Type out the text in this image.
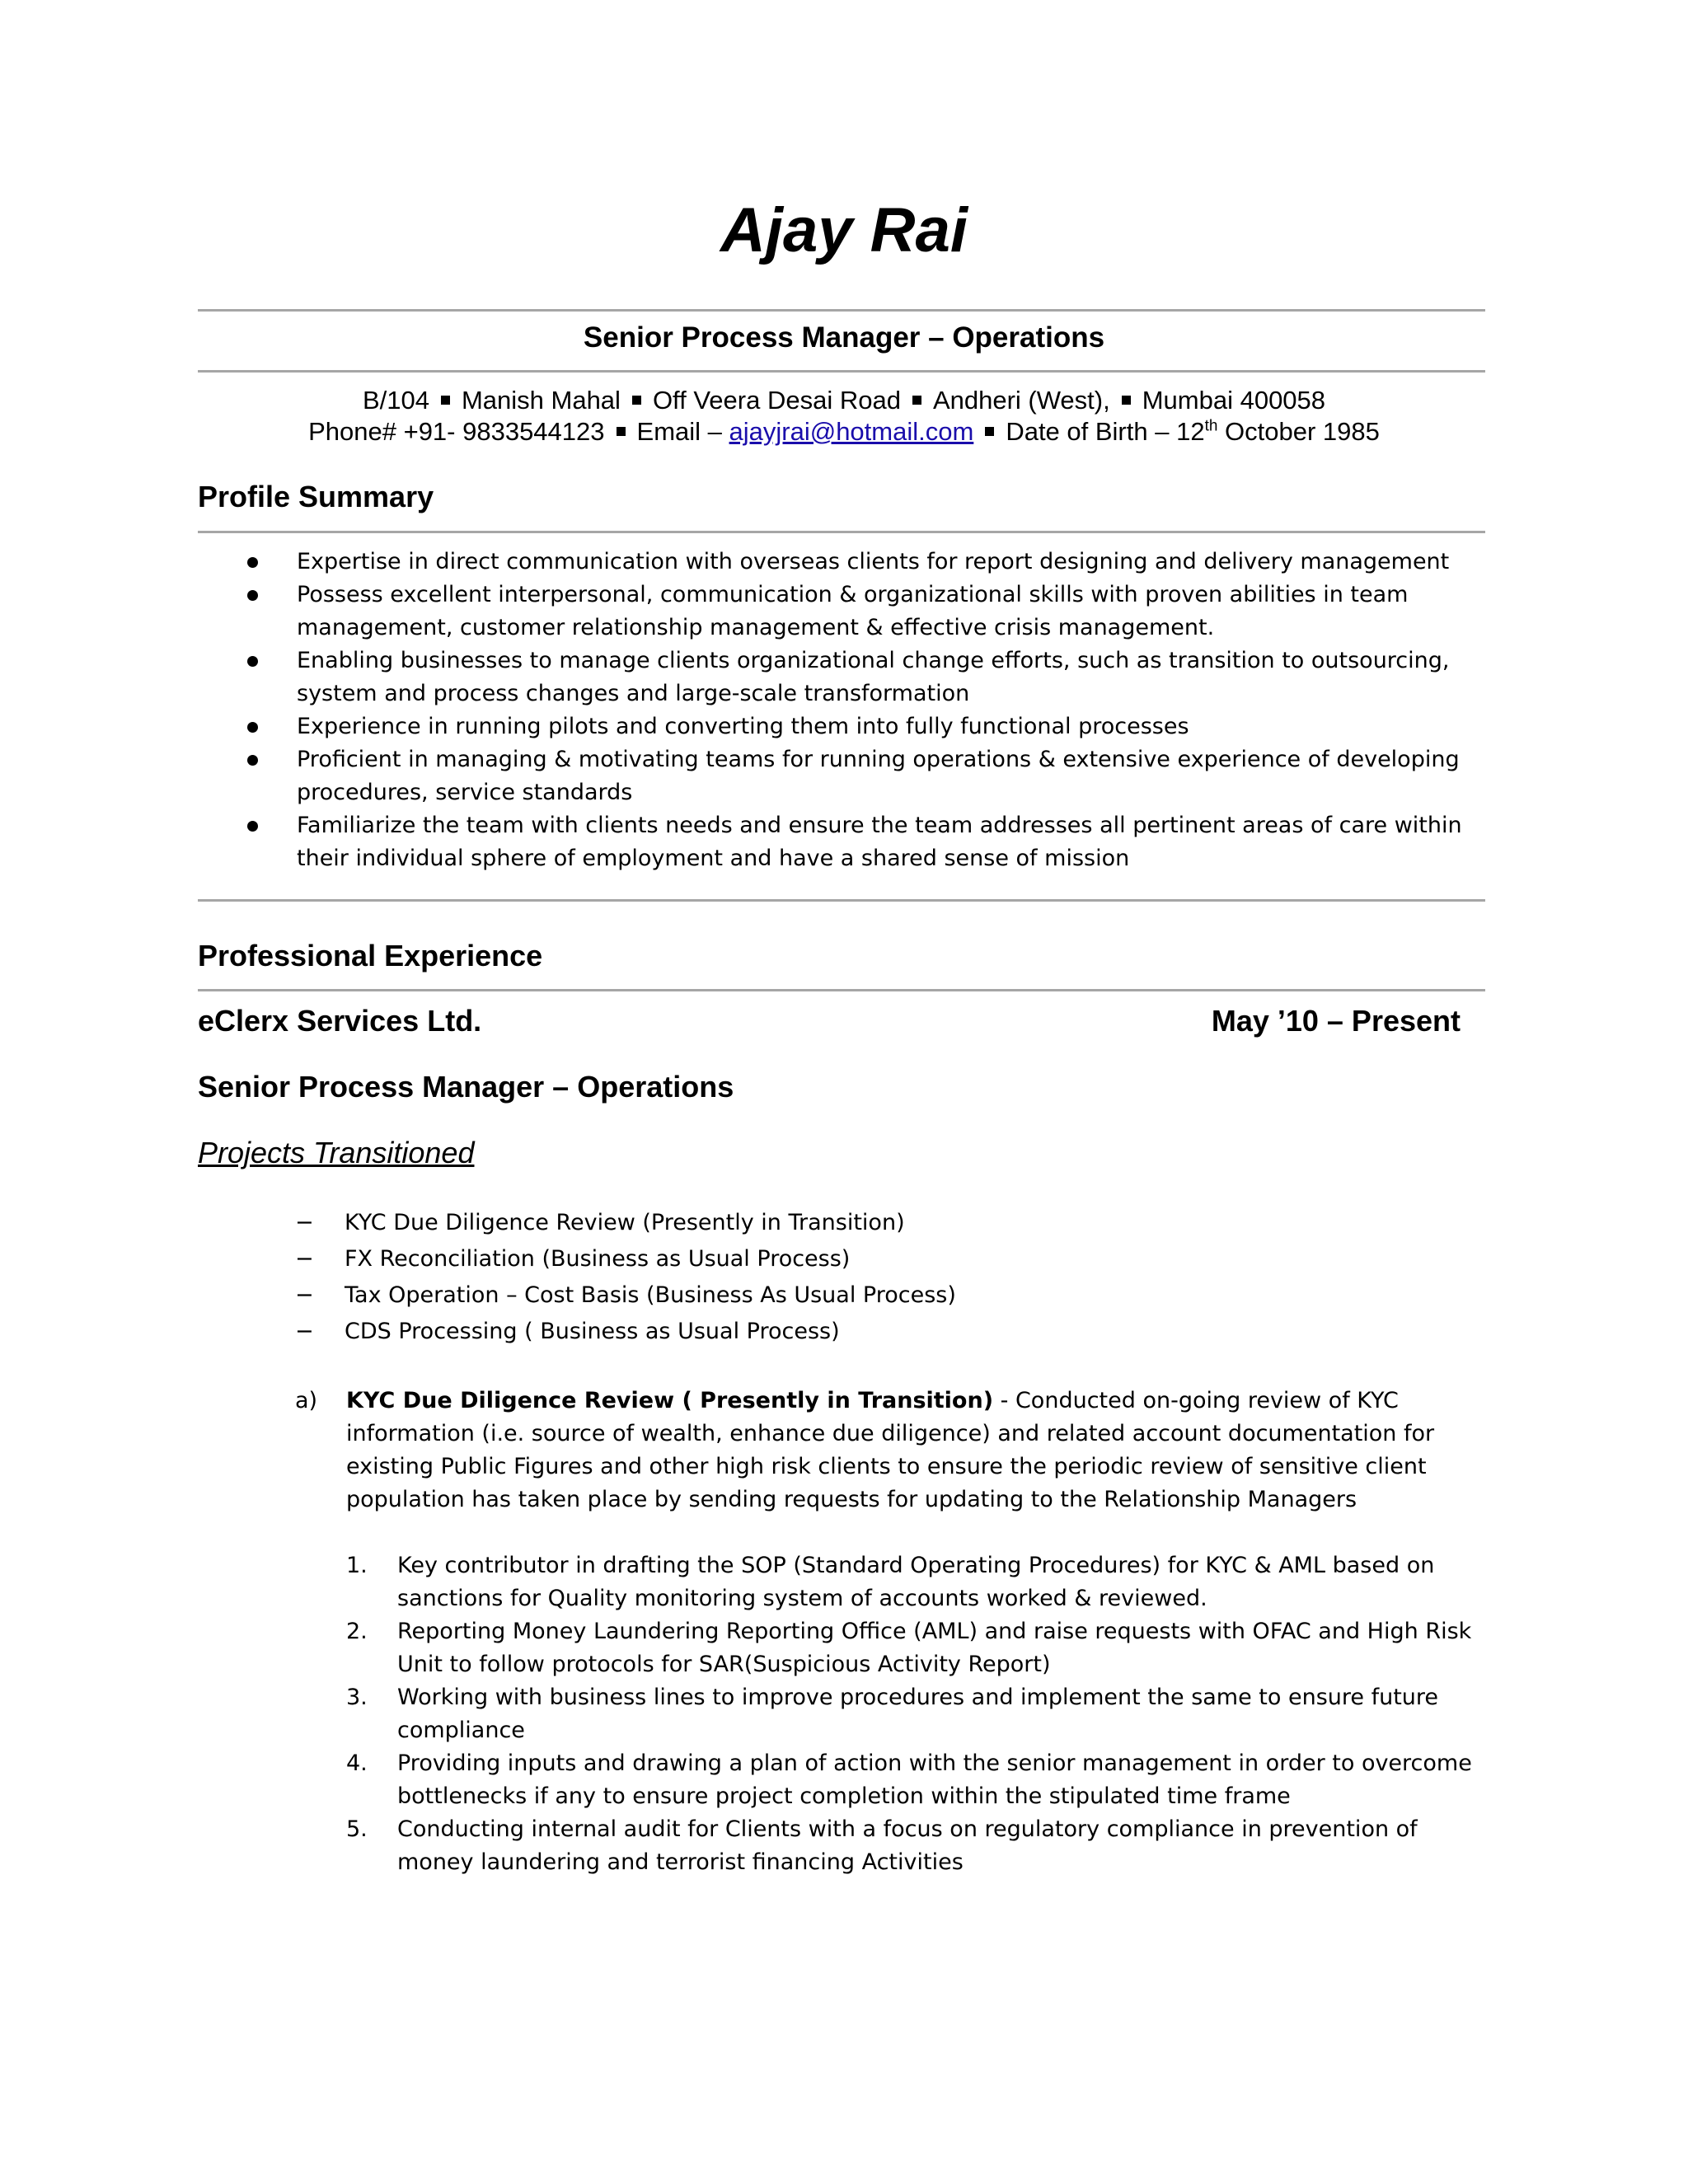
Ajay Rai
Senior Process Manager – Operations
B/104 Manish Mahal Off Veera Desai Road Andheri (West), Mumbai 400058
Phone# +91- 9833544123 Email – ajayjrai@hotmail.com Date of Birth – 12th October 1985
Profile Summary
Expertise in direct communication with overseas clients for report designing and delivery management
Possess excellent interpersonal, communication & organizational skills with proven abilities in team management, customer relationship management & effective crisis management.
Enabling businesses to manage clients organizational change efforts, such as transition to outsourcing, system and process changes and large-scale transformation
Experience in running pilots and converting them into fully functional processes
Proficient in managing & motivating teams for running operations & extensive experience of developing procedures, service standards
Familiarize the team with clients needs and ensure the team addresses all pertinent areas of care within their individual sphere of employment and have a shared sense of mission
Professional Experience
eClerx Services Ltd.	May ’10 – Present
Senior Process Manager – Operations
Projects Transitioned
− KYC Due Diligence Review (Presently in Transition)
− FX Reconciliation (Business as Usual Process)
− Tax Operation – Cost Basis (Business As Usual Process)
− CDS Processing ( Business as Usual Process)
a) KYC Due Diligence Review ( Presently in Transition) - Conducted on-going review of KYC information (i.e. source of wealth, enhance due diligence) and related account documentation for existing Public Figures and other high risk clients to ensure the periodic review of sensitive client population has taken place by sending requests for updating to the Relationship Managers
1. Key contributor in drafting the SOP (Standard Operating Procedures) for KYC & AML based on sanctions for Quality monitoring system of accounts worked & reviewed.
2. Reporting Money Laundering Reporting Office (AML) and raise requests with OFAC and High Risk Unit to follow protocols for SAR(Suspicious Activity Report)
3. Working with business lines to improve procedures and implement the same to ensure future compliance
4. Providing inputs and drawing a plan of action with the senior management in order to overcome bottlenecks if any to ensure project completion within the stipulated time frame
5. Conducting internal audit for Clients with a focus on regulatory compliance in prevention of money laundering and terrorist financing Activities
